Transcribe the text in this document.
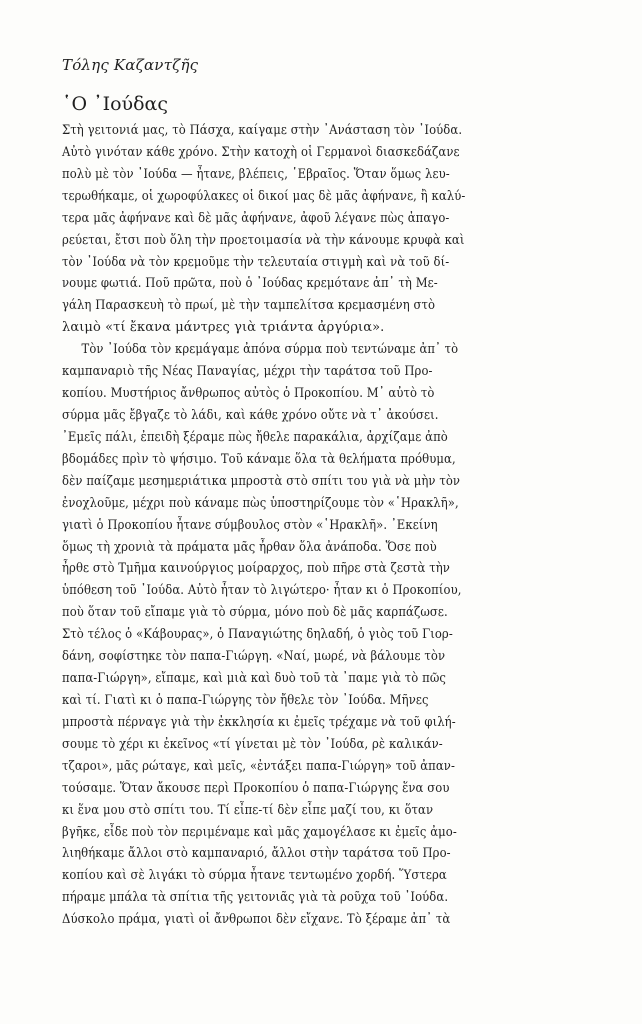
Τόλης Καζαντζῆς
῾Ο ᾿Ιούδας
Στὴ γειτονιά μας, τὸ Πάσχα, καίγαμε στὴν ᾿Ανάσταση τὸν ᾿Ιούδα.
Αὐτὸ γινόταν κάθε χρόνο. Στὴν κατοχὴ οἱ Γερμανοὶ διασκεδάζανε
πολὺ μὲ τὸν ᾿Ιούδα — ἦτανε, βλέπεις, ῾Εβραῖος. Ὅταν ὅμως λευ-
τερωθήκαμε, οἱ χωροφύλακες οἱ δικοί μας δὲ μᾶς ἀφήνανε, ἢ καλύ-
τερα μᾶς ἀφήνανε καὶ δὲ μᾶς ἀφήνανε, ἀφοῦ λέγανε πὼς ἀπαγο-
ρεύεται, ἔτσι ποὺ ὅλη τὴν προετοιμασία νὰ τὴν κάνουμε κρυφὰ καὶ
τὸν ᾿Ιούδα νὰ τὸν κρεμοῦμε τὴν τελευταία στιγμὴ καὶ νὰ τοῦ δί-
νουμε φωτιά. Ποῦ πρῶτα, ποὺ ὁ ᾿Ιούδας κρεμότανε ἀπ᾿ τὴ Με-
γάλη Παρασκευὴ τὸ πρωί, μὲ τὴν ταμπελίτσα κρεμασμένη στὸ
λαιμὸ «τί ἔκανα μάντρες γιὰ τριάντα ἀργύρια».
Τὸν ᾿Ιούδα τὸν κρεμάγαμε ἀπόνα σύρμα ποὺ τεντώναμε ἀπ᾿ τὸ
καμπαναριὸ τῆς Νέας Παναγίας, μέχρι τὴν ταράτσα τοῦ Προ-
κοπίου. Μυστήριος ἄνθρωπος αὐτὸς ὁ Προκοπίου. Μ᾿ αὐτὸ τὸ
σύρμα μᾶς ἔβγαζε τὸ λάδι, καὶ κάθε χρόνο οὔτε νὰ τ᾿ ἀκούσει.
᾿Εμεῖς πάλι, ἐπειδὴ ξέραμε πὼς ἤθελε παρακάλια, ἀρχίζαμε ἀπὸ
βδομάδες πρὶν τὸ ψήσιμο. Τοῦ κάναμε ὅλα τὰ θελήματα πρόθυμα,
δὲν παίζαμε μεσημεριάτικα μπροστὰ στὸ σπίτι του γιὰ νὰ μὴν τὸν
ἐνοχλοῦμε, μέχρι ποὺ κάναμε πὼς ὑποστηρίζουμε τὸν «῾Ηρακλῆ»,
γιατὶ ὁ Προκοπίου ἦτανε σύμβουλος στὸν «῾Ηρακλῆ». ᾿Εκείνη
ὅμως τὴ χρονιὰ τὰ πράματα μᾶς ἦρθαν ὅλα ἀνάποδα. Ὅσε ποὺ
ἦρθε στὸ Τμῆμα καινούργιος μοίραρχος, ποὺ πῆρε στὰ ζεστὰ τὴν
ὑπόθεση τοῦ ᾿Ιούδα. Αὐτὸ ἦταν τὸ λιγώτερο· ἦταν κι ὁ Προκοπίου,
ποὺ ὅταν τοῦ εἴπαμε γιὰ τὸ σύρμα, μόνο ποὺ δὲ μᾶς καρπάζωσε.
Στὸ τέλος ὁ «Κάβουρας», ὁ Παναγιώτης δηλαδή, ὁ γιὸς τοῦ Γιορ-
δάνη, σοφίστηκε τὸν παπα-Γιώργη. «Ναί, μωρέ, νὰ βάλουμε τὸν
παπα-Γιώργη», εἴπαμε, καὶ μιὰ καὶ δυὸ τοῦ τὰ ᾿παμε γιὰ τὸ πῶς
καὶ τί. Γιατὶ κι ὁ παπα-Γιώργης τὸν ἤθελε τὸν ᾿Ιούδα. Μῆνες
μπροστὰ πέρναγε γιὰ τὴν ἐκκλησία κι ἐμεῖς τρέχαμε νὰ τοῦ φιλή-
σουμε τὸ χέρι κι ἐκεῖνος «τί γίνεται μὲ τὸν ᾿Ιούδα, ρὲ καλικάν-
τζαροι», μᾶς ρώταγε, καὶ μεῖς, «ἐντάξει παπα-Γιώργη» τοῦ ἀπαν-
τούσαμε. Ὅταν ἄκουσε περὶ Προκοπίου ὁ παπα-Γιώργης ἕνα σου
κι ἕνα μου στὸ σπίτι του. Τί εἶπε-τί δὲν εἶπε μαζί του, κι ὅταν
βγῆκε, εἶδε ποὺ τὸν περιμέναμε καὶ μᾶς χαμογέλασε κι ἐμεῖς ἀμο-
λιηθήκαμε ἄλλοι στὸ καμπαναριό, ἄλλοι στὴν ταράτσα τοῦ Προ-
κοπίου καὶ σὲ λιγάκι τὸ σύρμα ἦτανε τεντωμένο χορδή. Ὕστερα
πήραμε μπάλα τὰ σπίτια τῆς γειτονιᾶς γιὰ τὰ ροῦχα τοῦ ᾿Ιούδα.
Δύσκολο πράμα, γιατὶ οἱ ἄνθρωποι δὲν εἴχανε. Τὸ ξέραμε ἀπ᾿ τὰ
